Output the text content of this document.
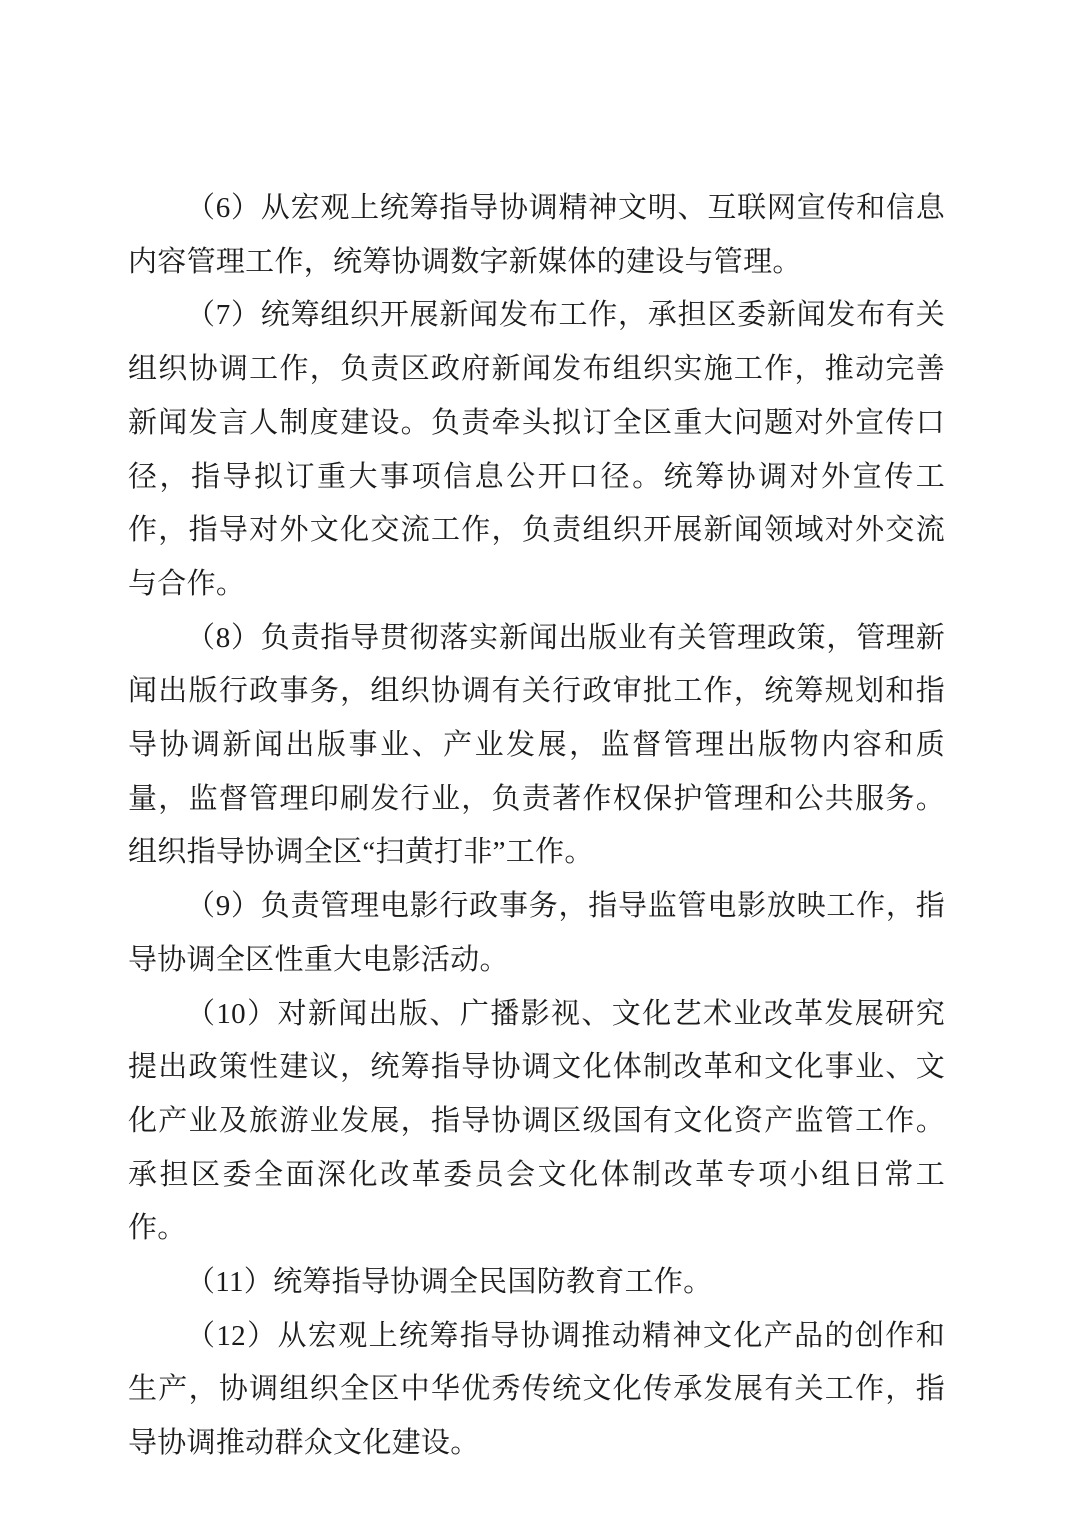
（6）从宏观上统筹指导协调精神文明、互联网宣传和信息内容管理工作，统筹协调数字新媒体的建设与管理。

（7）统筹组织开展新闻发布工作，承担区委新闻发布有关组织协调工作，负责区政府新闻发布组织实施工作，推动完善新闻发言人制度建设。负责牵头拟订全区重大问题对外宣传口径，指导拟订重大事项信息公开口径。统筹协调对外宣传工作，指导对外文化交流工作，负责组织开展新闻领域对外交流与合作。

（8）负责指导贯彻落实新闻出版业有关管理政策，管理新闻出版行政事务，组织协调有关行政审批工作，统筹规划和指导协调新闻出版事业、产业发展，监督管理出版物内容和质量，监督管理印刷发行业，负责著作权保护管理和公共服务。组织指导协调全区“扫黄打非”工作。

（9）负责管理电影行政事务，指导监管电影放映工作，指导协调全区性重大电影活动。

（10）对新闻出版、广播影视、文化艺术业改革发展研究提出政策性建议，统筹指导协调文化体制改革和文化事业、文化产业及旅游业发展，指导协调区级国有文化资产监管工作。承担区委全面深化改革委员会文化体制改革专项小组日常工作。

（11）统筹指导协调全民国防教育工作。

（12）从宏观上统筹指导协调推动精神文化产品的创作和生产，协调组织全区中华优秀传统文化传承发展有关工作，指导协调推动群众文化建设。
